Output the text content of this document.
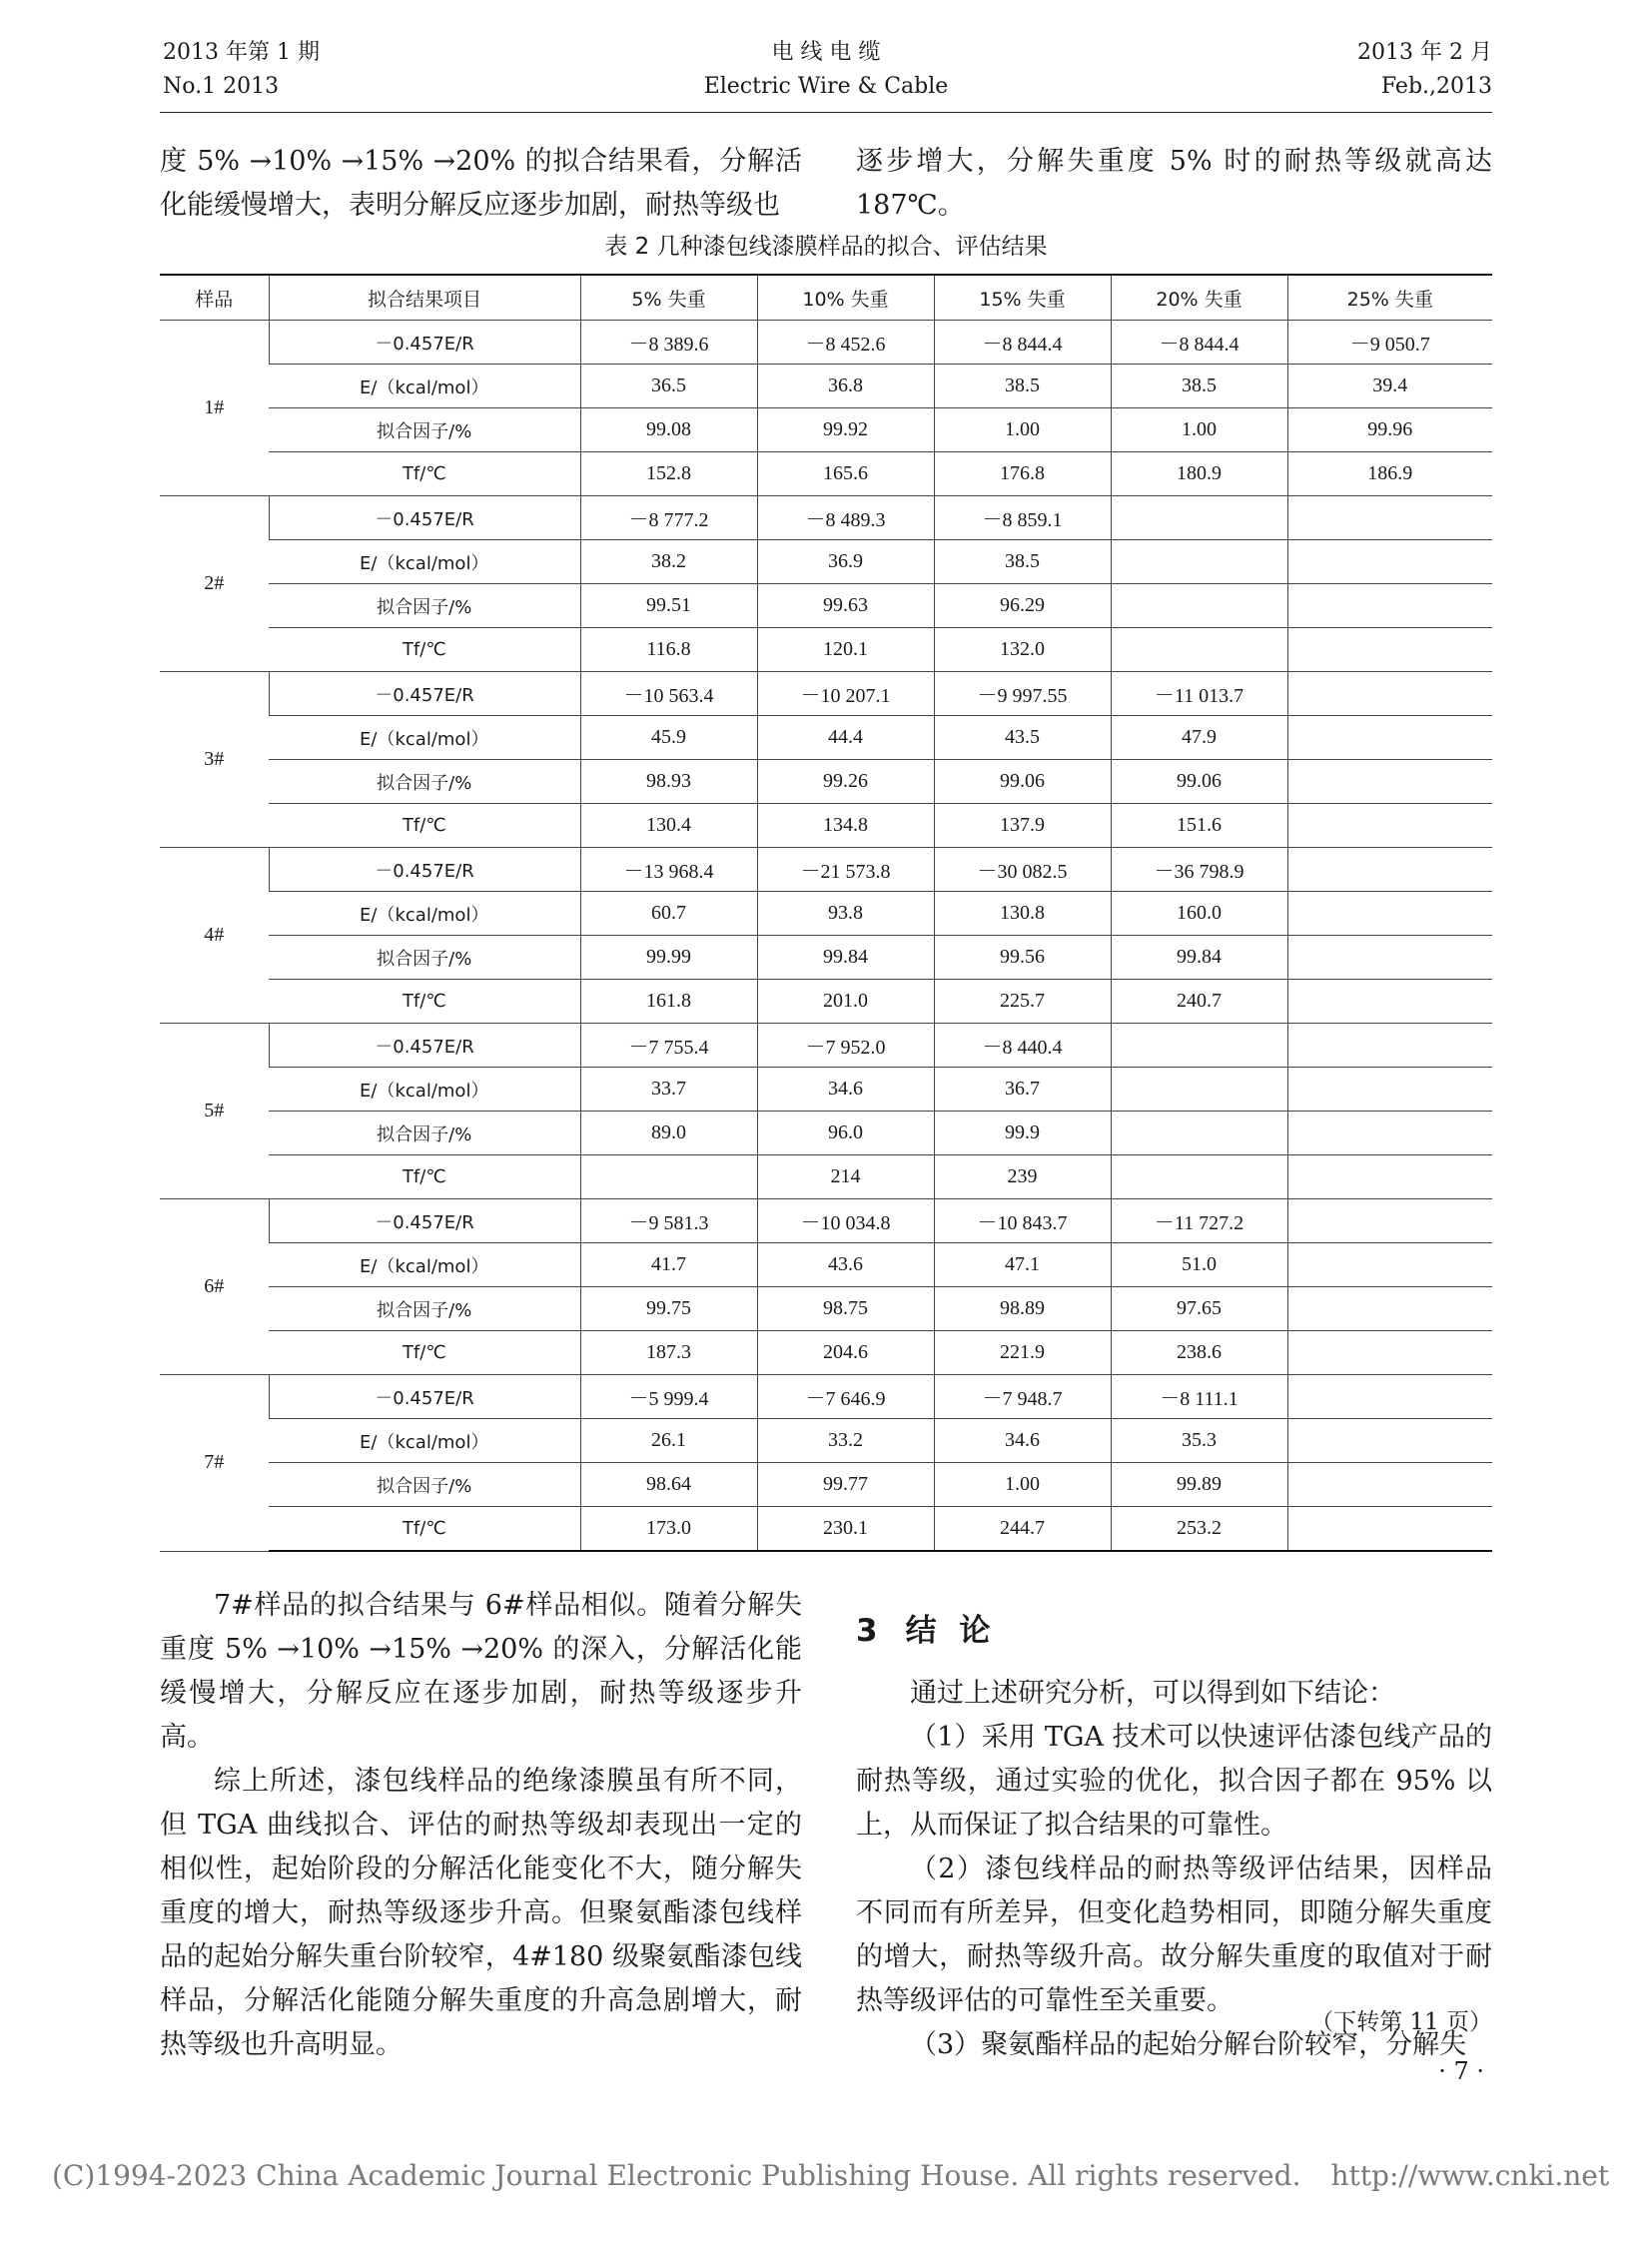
2013 年第 1 期
No.1 2013
电 线 电 缆
Electric Wire & Cable
2013 年 2 月
Feb.,2013

度 5% →10% →15% →20% 的拟合结果看，分解活化能缓慢增大，表明分解反应逐步加剧，耐热等级也

逐步增大，分解失重度 5% 时的耐热等级就高达 187℃。

表 2 几种漆包线漆膜样品的拟合、评估结果
样品	拟合结果项目	5% 失重	10% 失重	15% 失重	20% 失重	25% 失重
1#	－0.457E/R	－8 389.6	－8 452.6	－8 844.4	－8 844.4	－9 050.7
	E/（kcal/mol）	36.5	36.8	38.5	38.5	39.4
	拟合因子/%	99.08	99.92	1.00	1.00	99.96
	Tf/℃	152.8	165.6	176.8	180.9	186.9
2#	－0.457E/R	－8 777.2	－8 489.3	－8 859.1		
	E/（kcal/mol）	38.2	36.9	38.5		
	拟合因子/%	99.51	99.63	96.29		
	Tf/℃	116.8	120.1	132.0		
3#	－0.457E/R	－10 563.4	－10 207.1	－9 997.55	－11 013.7	
	E/（kcal/mol）	45.9	44.4	43.5	47.9	
	拟合因子/%	98.93	99.26	99.06	99.06	
	Tf/℃	130.4	134.8	137.9	151.6	
4#	－0.457E/R	－13 968.4	－21 573.8	－30 082.5	－36 798.9	
	E/（kcal/mol）	60.7	93.8	130.8	160.0	
	拟合因子/%	99.99	99.84	99.56	99.84	
	Tf/℃	161.8	201.0	225.7	240.7	
5#	－0.457E/R	－7 755.4	－7 952.0	－8 440.4		
	E/（kcal/mol）	33.7	34.6	36.7		
	拟合因子/%	89.0	96.0	99.9		
	Tf/℃		214	239		
6#	－0.457E/R	－9 581.3	－10 034.8	－10 843.7	－11 727.2	
	E/（kcal/mol）	41.7	43.6	47.1	51.0	
	拟合因子/%	99.75	98.75	98.89	97.65	
	Tf/℃	187.3	204.6	221.9	238.6	
7#	－0.457E/R	－5 999.4	－7 646.9	－7 948.7	－8 111.1	
	E/（kcal/mol）	26.1	33.2	34.6	35.3	
	拟合因子/%	98.64	99.77	1.00	99.89	
	Tf/℃	173.0	230.1	244.7	253.2	

7#样品的拟合结果与 6#样品相似。随着分解失重度 5% →10% →15% →20% 的深入，分解活化能缓慢增大，分解反应在逐步加剧，耐热等级逐步升高。

综上所述，漆包线样品的绝缘漆膜虽有所不同，但 TGA 曲线拟合、评估的耐热等级却表现出一定的相似性，起始阶段的分解活化能变化不大，随分解失重度的增大，耐热等级逐步升高。但聚氨酯漆包线样品的起始分解失重台阶较窄，4#180 级聚氨酯漆包线样品，分解活化能随分解失重度的升高急剧增大，耐热等级也升高明显。

3 结 论

通过上述研究分析，可以得到如下结论：

（1）采用 TGA 技术可以快速评估漆包线产品的耐热等级，通过实验的优化，拟合因子都在 95% 以上，从而保证了拟合结果的可靠性。

（2）漆包线样品的耐热等级评估结果，因样品不同而有所差异，但变化趋势相同，即随分解失重度的增大，耐热等级升高。故分解失重度的取值对于耐热等级评估的可靠性至关重要。

（3）聚氨酯样品的起始分解台阶较窄，分解失

（下转第 11 页）
· 7 ·
(C)1994-2023 China Academic Journal Electronic Publishing House. All rights reserved. http://www.cnki.net
